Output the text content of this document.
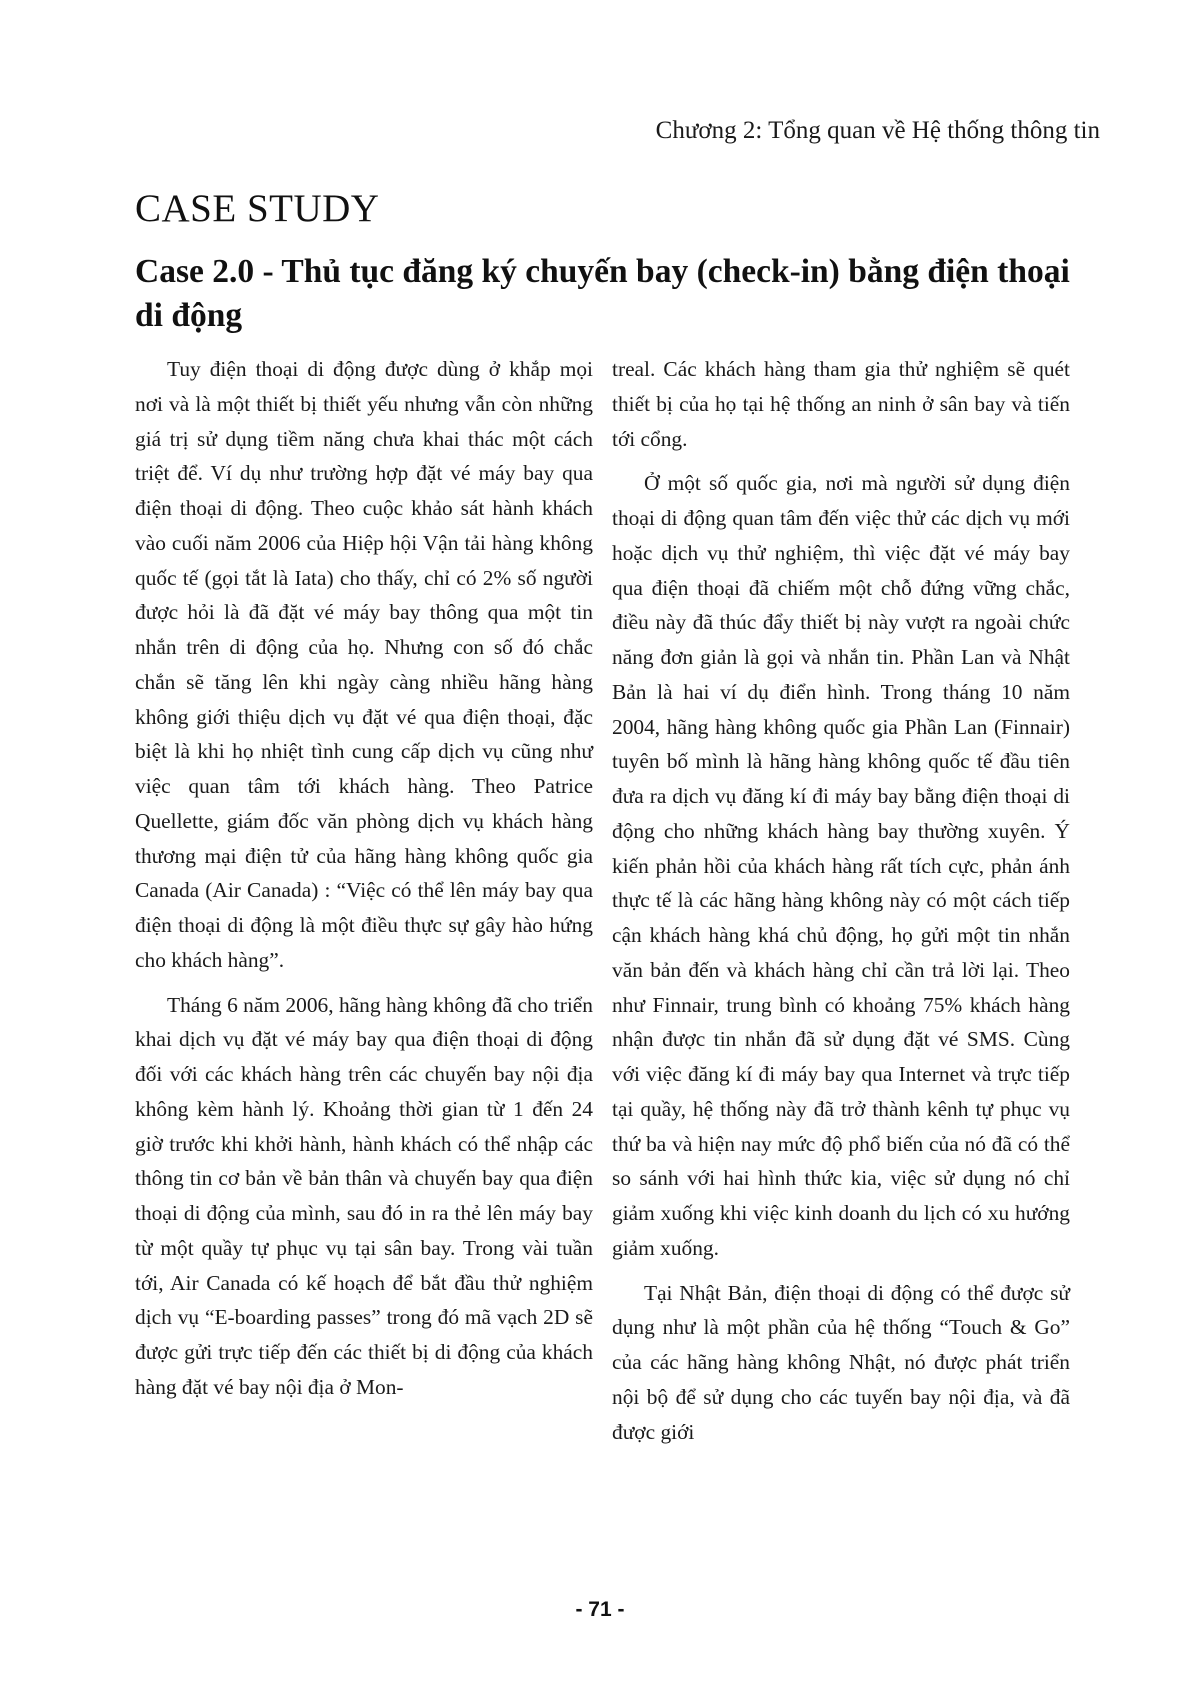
Chương 2: Tổng quan về Hệ thống thông tin
CASE STUDY
Case 2.0 - Thủ tục đăng ký chuyến bay (check-in) bằng điện thoại di động

Tuy điện thoại di động được dùng ở khắp mọi nơi và là một thiết bị thiết yếu nhưng vẫn còn những giá trị sử dụng tiềm năng chưa khai thác một cách triệt để. Ví dụ như trường hợp đặt vé máy bay qua điện thoại di động. Theo cuộc khảo sát hành khách vào cuối năm 2006 của Hiệp hội Vận tải hàng không quốc tế (gọi tắt là Iata) cho thấy, chỉ có 2% số người được hỏi là đã đặt vé máy bay thông qua một tin nhắn trên di động của họ. Nhưng con số đó chắc chắn sẽ tăng lên khi ngày càng nhiều hãng hàng không giới thiệu dịch vụ đặt vé qua điện thoại, đặc biệt là khi họ nhiệt tình cung cấp dịch vụ cũng như việc quan tâm tới khách hàng. Theo Patrice Quellette, giám đốc văn phòng dịch vụ khách hàng thương mại điện tử của hãng hàng không quốc gia Canada (Air Canada) : “Việc có thể lên máy bay qua điện thoại di động là một điều thực sự gây hào hứng cho khách hàng”.

Tháng 6 năm 2006, hãng hàng không đã cho triển khai dịch vụ đặt vé máy bay qua điện thoại di động đối với các khách hàng trên các chuyến bay nội địa không kèm hành lý. Khoảng thời gian từ 1 đến 24 giờ trước khi khởi hành, hành khách có thể nhập các thông tin cơ bản về bản thân và chuyến bay qua điện thoại di động của mình, sau đó in ra thẻ lên máy bay từ một quầy tự phục vụ tại sân bay. Trong vài tuần tới, Air Canada có kế hoạch để bắt đầu thử nghiệm dịch vụ “E-boarding passes” trong đó mã vạch 2D sẽ được gửi trực tiếp đến các thiết bị di động của khách hàng đặt vé bay nội địa ở Mon-

treal. Các khách hàng tham gia thử nghiệm sẽ quét thiết bị của họ tại hệ thống an ninh ở sân bay và tiến tới cổng.

Ở một số quốc gia, nơi mà người sử dụng điện thoại di động quan tâm đến việc thử các dịch vụ mới hoặc dịch vụ thử nghiệm, thì việc đặt vé máy bay qua điện thoại đã chiếm một chỗ đứng vững chắc, điều này đã thúc đẩy thiết bị này vượt ra ngoài chức năng đơn giản là gọi và nhắn tin. Phần Lan và Nhật Bản là hai ví dụ điển hình. Trong tháng 10 năm 2004, hãng hàng không quốc gia Phần Lan (Finnair) tuyên bố mình là hãng hàng không quốc tế đầu tiên đưa ra dịch vụ đăng kí đi máy bay bằng điện thoại di động cho những khách hàng bay thường xuyên. Ý kiến phản hồi của khách hàng rất tích cực, phản ánh thực tế là các hãng hàng không này có một cách tiếp cận khách hàng khá chủ động, họ gửi một tin nhắn văn bản đến và khách hàng chỉ cần trả lời lại. Theo như Finnair, trung bình có khoảng 75% khách hàng nhận được tin nhắn đã sử dụng đặt vé SMS. Cùng với việc đăng kí đi máy bay qua Internet và trực tiếp tại quầy, hệ thống này đã trở thành kênh tự phục vụ thứ ba và hiện nay mức độ phổ biến của nó đã có thể so sánh với hai hình thức kia, việc sử dụng nó chỉ giảm xuống khi việc kinh doanh du lịch có xu hướng giảm xuống.

Tại Nhật Bản, điện thoại di động có thể được sử dụng như là một phần của hệ thống “Touch & Go” của các hãng hàng không Nhật, nó được phát triển nội bộ để sử dụng cho các tuyến bay nội địa, và đã được giới

- 71 -
